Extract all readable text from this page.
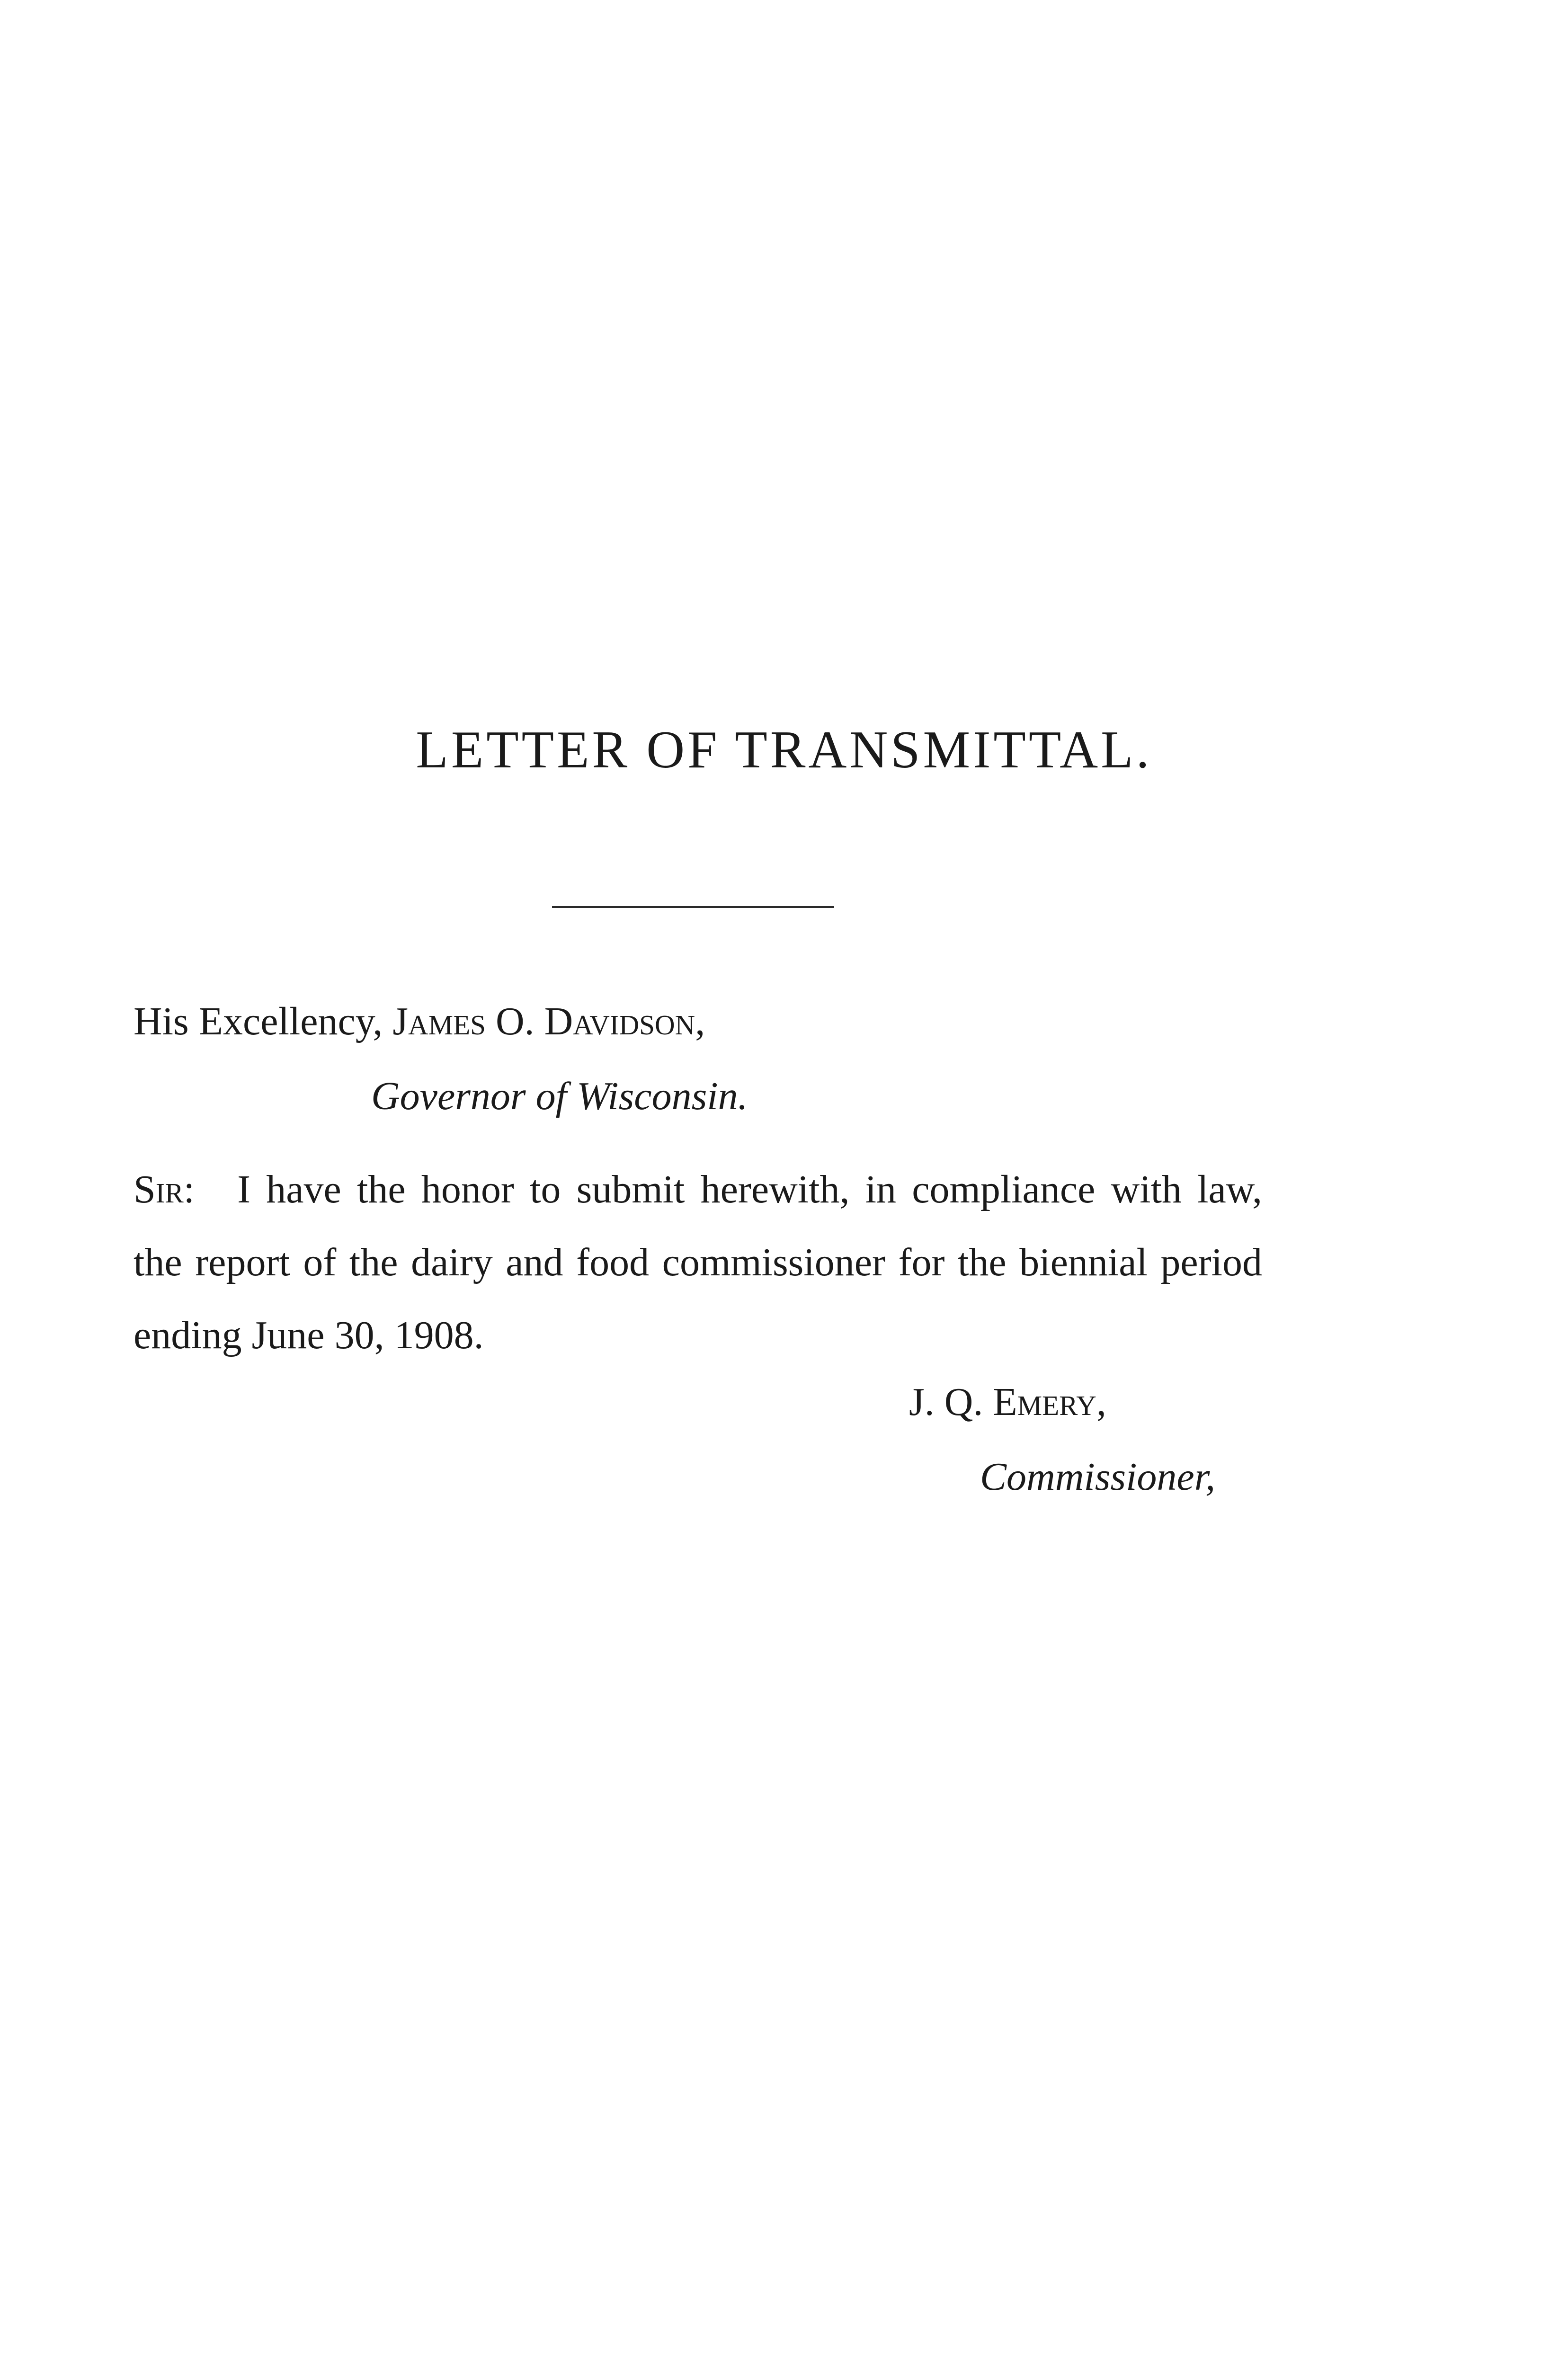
LETTER OF TRANSMITTAL.

His Excellency, James O. Davidson,

Governor of Wisconsin.

Sir: I have the honor to submit herewith, in compliance with law, the report of the dairy and food commissioner for the biennial period ending June 30, 1908.

J. Q. Emery,

Commissioner,
